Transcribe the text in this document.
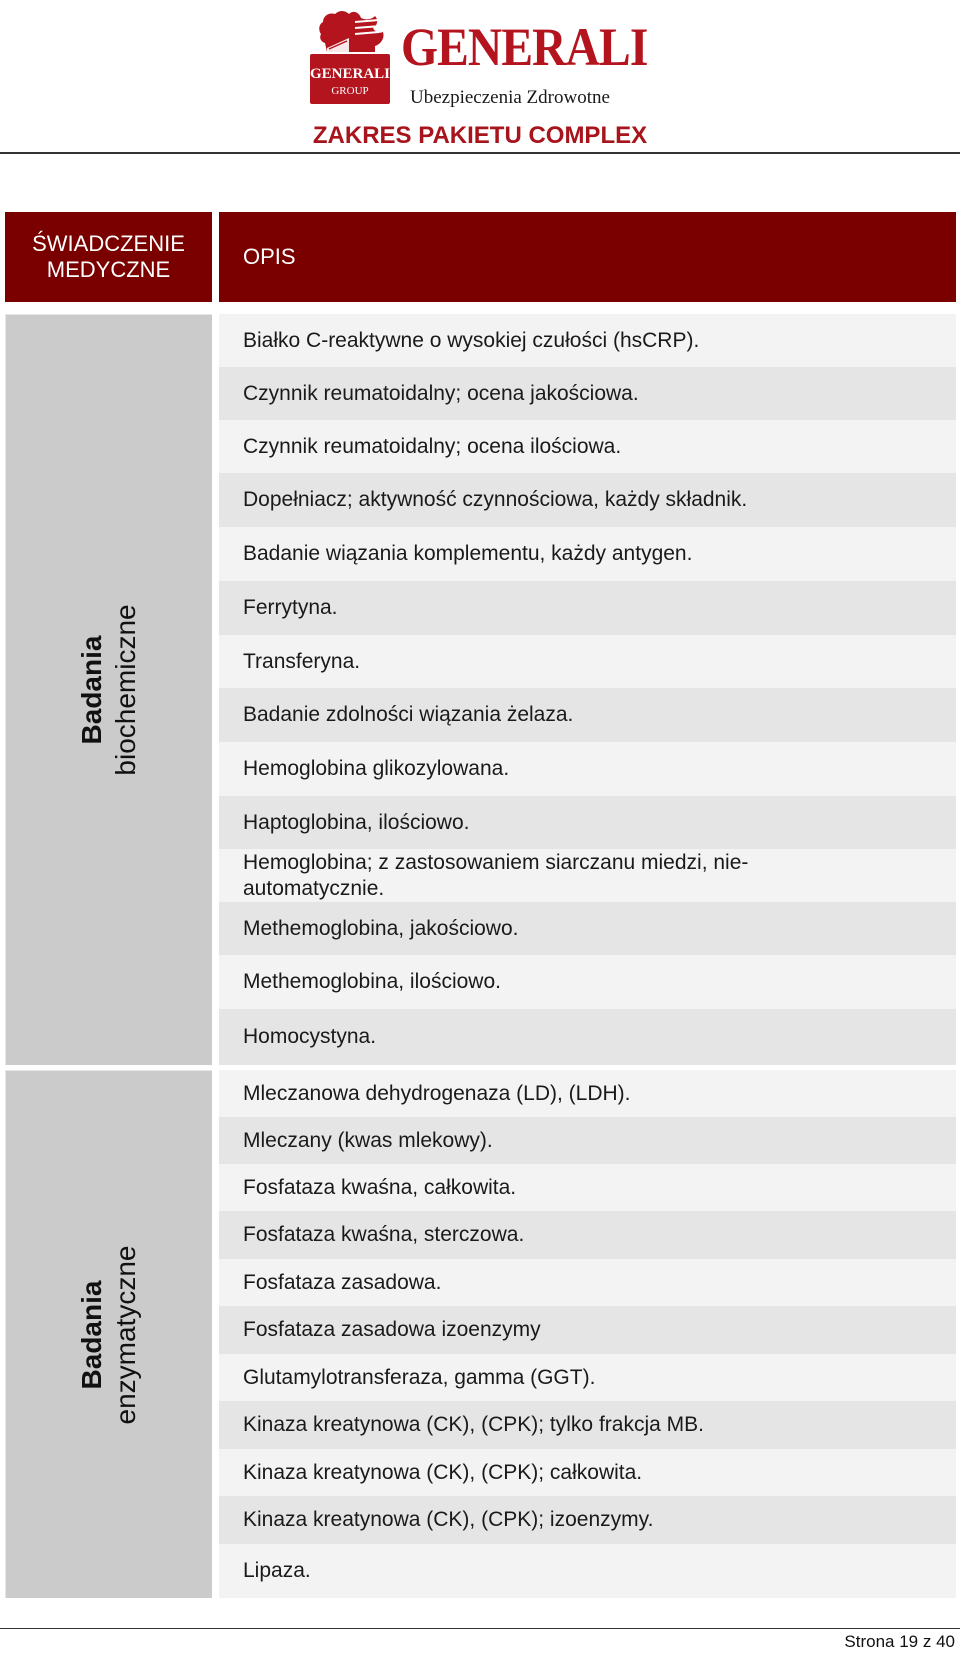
GENERALI
GROUP
GENERALI
Ubezpieczenia Zdrowotne
ZAKRES PAKIETU COMPLEX
ŚWIADCZENIE MEDYCZNE
OPIS
Badania biochemiczne
Białko C-reaktywne o wysokiej czułości (hsCRP).
Czynnik reumatoidalny; ocena jakościowa.
Czynnik reumatoidalny; ocena ilościowa.
Dopełniacz; aktywność czynnościowa, każdy składnik.
Badanie wiązania komplementu, każdy antygen.
Ferrytyna.
Transferyna.
Badanie zdolności wiązania żelaza.
Hemoglobina glikozylowana.
Haptoglobina, ilościowo.
Hemoglobina; z zastosowaniem siarczanu miedzi, nie-automatycznie.
Methemoglobina, jakościowo.
Methemoglobina, ilościowo.
Homocystyna.
Badania enzymatyczne
Mleczanowa dehydrogenaza (LD), (LDH).
Mleczany (kwas mlekowy).
Fosfataza kwaśna, całkowita.
Fosfataza kwaśna, sterczowa.
Fosfataza zasadowa.
Fosfataza zasadowa izoenzymy
Glutamylotransferaza, gamma (GGT).
Kinaza kreatynowa (CK), (CPK); tylko frakcja MB.
Kinaza kreatynowa (CK), (CPK); całkowita.
Kinaza kreatynowa (CK), (CPK); izoenzymy.
Lipaza.
Strona 19 z 40
